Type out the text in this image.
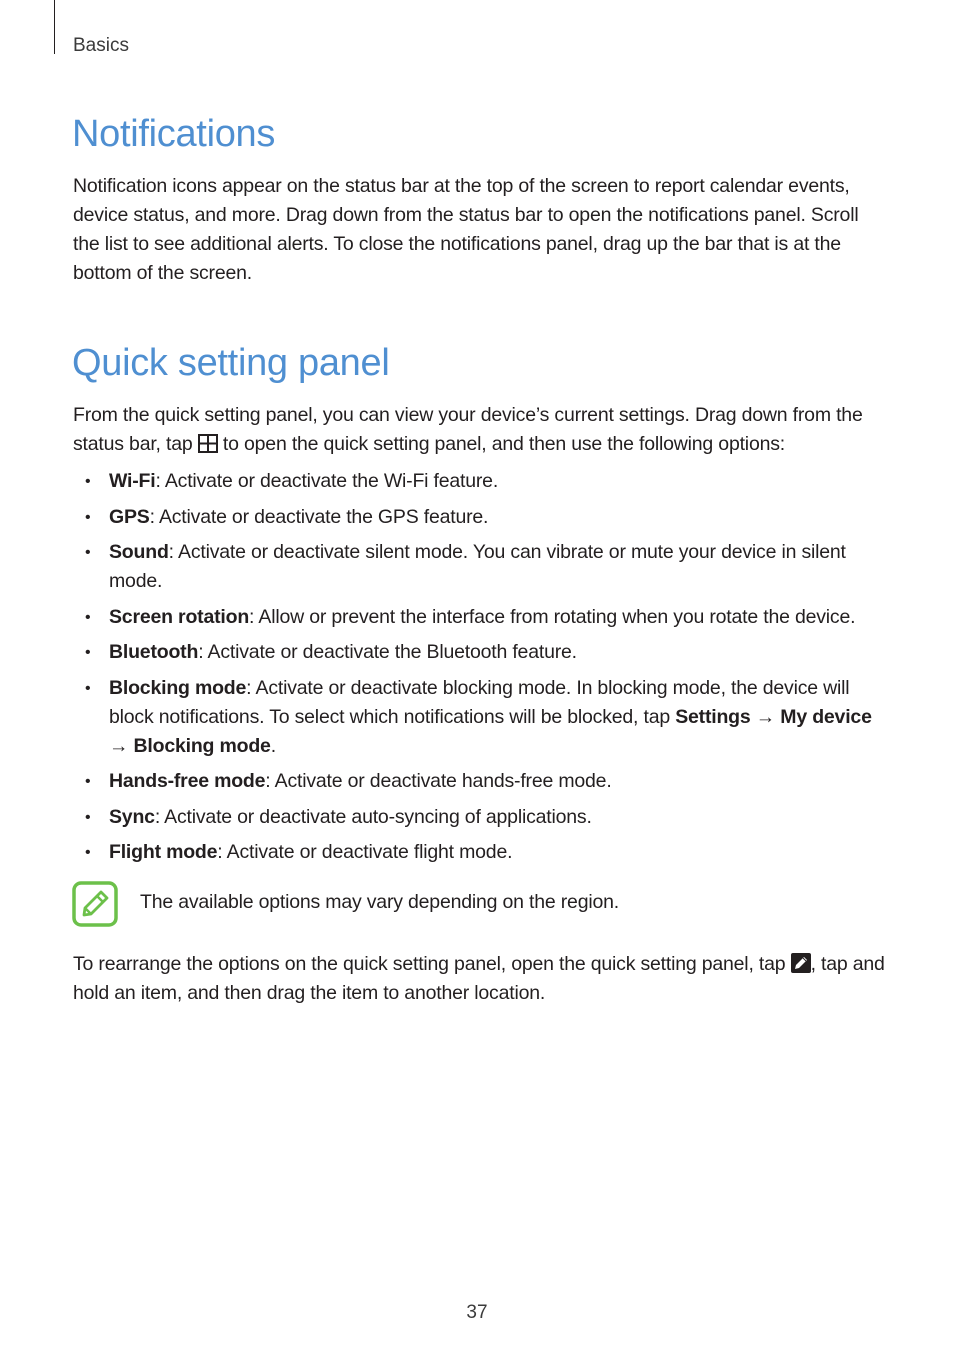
Basics
Notifications

Notification icons appear on the status bar at the top of the screen to report calendar events, device status, and more. Drag down from the status bar to open the notifications panel. Scroll the list to see additional alerts. To close the notifications panel, drag up the bar that is at the bottom of the screen.

Quick setting panel

From the quick setting panel, you can view your device’s current settings. Drag down from the status bar, tap
to open the quick setting panel, and then use the following options:

• Wi-Fi: Activate or deactivate the Wi-Fi feature.
• GPS: Activate or deactivate the GPS feature.
• Sound: Activate or deactivate silent mode. You can vibrate or mute your device in silent mode.
• Screen rotation: Allow or prevent the interface from rotating when you rotate the device.
• Bluetooth: Activate or deactivate the Bluetooth feature.
• Blocking mode: Activate or deactivate blocking mode. In blocking mode, the device will block notifications. To select which notifications will be blocked, tap Settings → My device → Blocking mode.
• Hands-free mode: Activate or deactivate hands-free mode.
• Sync: Activate or deactivate auto-syncing of applications.
• Flight mode: Activate or deactivate flight mode.
The available options may vary depending on the region.

To rearrange the options on the quick setting panel, open the quick setting panel, tap
, tap and hold an item, and then drag the item to another location.

37
